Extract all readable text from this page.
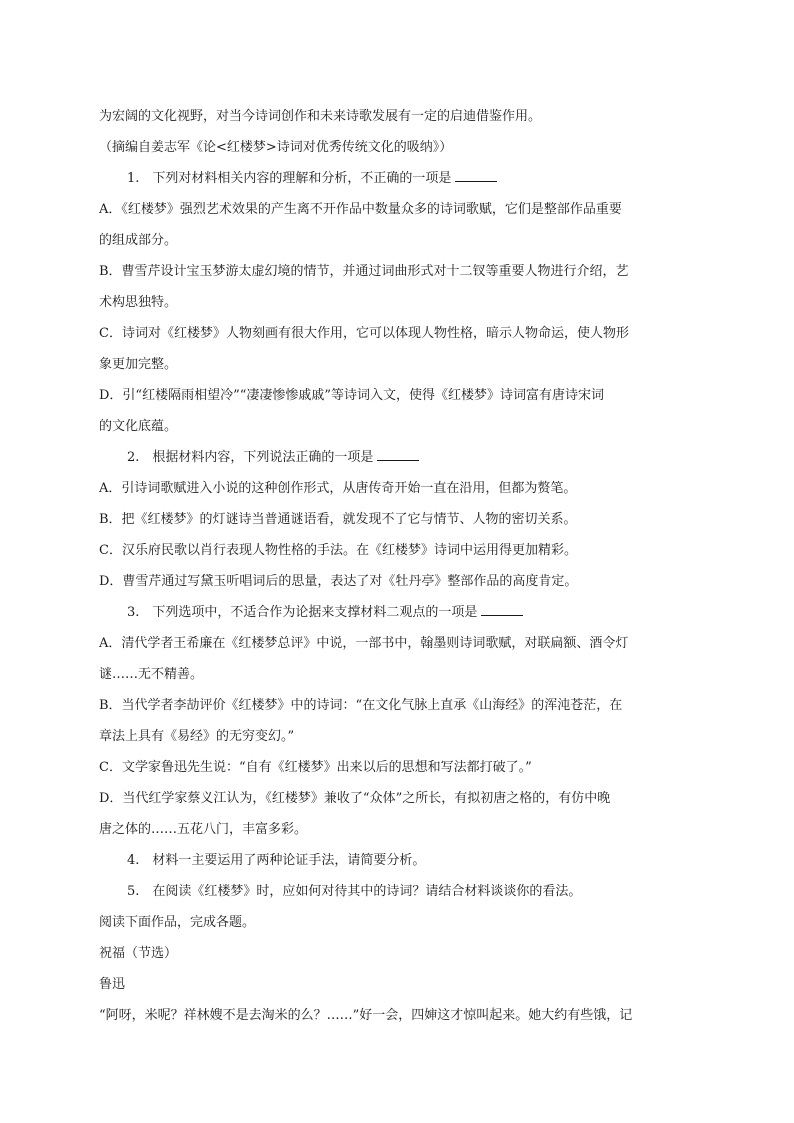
为宏阔的文化视野，对当今诗词创作和未来诗歌发展有一定的启迪借鉴作用。
（摘编自姜志军《论<红楼梦>诗词对优秀传统文化的吸纳》）
1.　下列对材料相关内容的理解和分析，不正确的一项是
A．《红楼梦》强烈艺术效果的产生离不开作品中数量众多的诗词歌赋，它们是整部作品重要
的组成部分。
B．曹雪芹设计宝玉梦游太虚幻境的情节，并通过词曲形式对十二钗等重要人物进行介绍，艺
术构思独特。
C．诗词对《红楼梦》人物刻画有很大作用，它可以体现人物性格，暗示人物命运，使人物形
象更加完整。
D．引“红楼隔雨相望冷”“凄凄惨惨戚戚”等诗词入文，使得《红楼梦》诗词富有唐诗宋词
的文化底蕴。
2.　根据材料内容，下列说法正确的一项是
A．引诗词歌赋进入小说的这种创作形式，从唐传奇开始一直在沿用，但都为赘笔。
B．把《红楼梦》的灯谜诗当普通谜语看，就发现不了它与情节、人物的密切关系。
C．汉乐府民歌以肖行表现人物性格的手法。在《红楼梦》诗词中运用得更加精彩。
D．曹雪芹通过写黛玉听唱词后的思量，表达了对《牡丹亭》整部作品的高度肯定。
3.　下列选项中，不适合作为论据来支撑材料二观点的一项是
A．清代学者王希廉在《红楼梦总评》中说，一部书中，翰墨则诗词歌赋，对联扁额、酒令灯
谜……无不精善。
B．当代学者李劼评价《红楼梦》中的诗词：“在文化气脉上直承《山海经》的浑沌苍茫，在
章法上具有《易经》的无穷变幻。”
C．文学家鲁迅先生说：“自有《红楼梦》出来以后的思想和写法都打破了。”
D．当代红学家蔡义江认为，《红楼梦》兼收了“众体”之所长，有拟初唐之格的，有仿中晚
唐之体的……五花八门，丰富多彩。
4.　材料一主要运用了两种论证手法，请简要分析。
5.　在阅读《红楼梦》时，应如何对待其中的诗词？请结合材料谈谈你的看法。
阅读下面作品，完成各题。
祝福（节选）
鲁迅
“阿呀，米呢？祥林嫂不是去淘米的么？……”好一会，四婶这才惊叫起来。她大约有些饿，记
